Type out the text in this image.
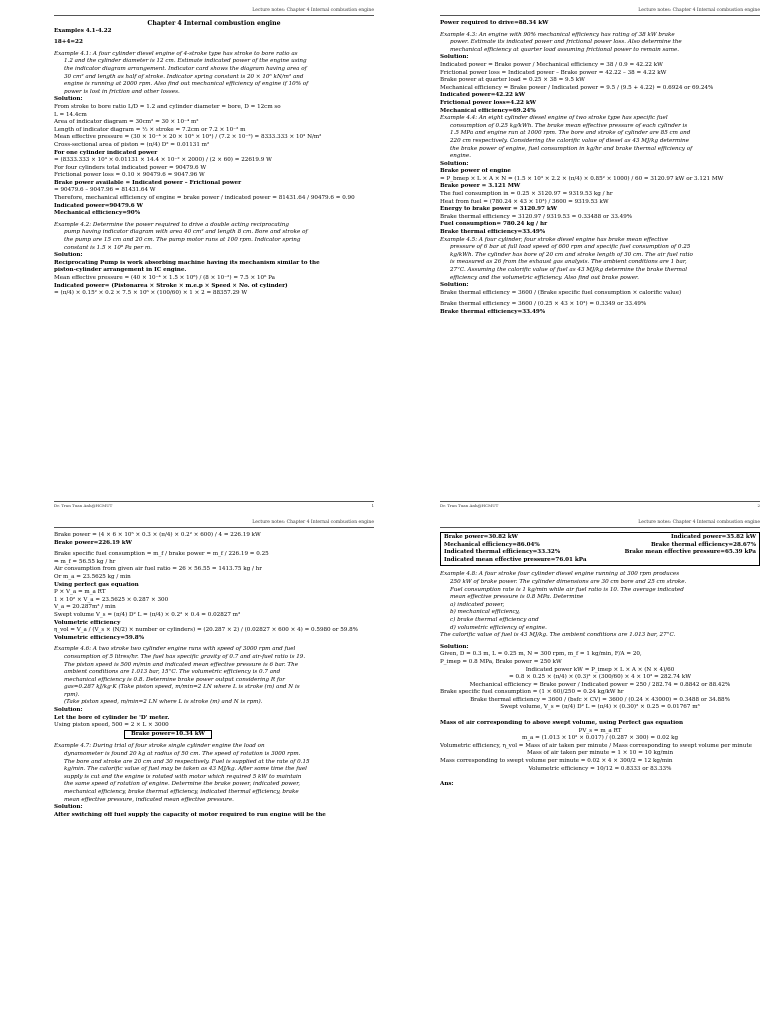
Lecture notes: Chapter 4 Internal combustion engine
Chapter 4 Internal combustion engine
Examples 4.1-4.22
18+4=22
Example 4.1: A four cylinder diesel engine of 4-stroke type has stroke to bore ratio as
1.2 and the cylinder diameter is 12 cm. Estimate indicated power of the engine using
the indicator diagram arrangement. Indicator card shows the diagram having area of
30 cm² and length as half of stroke. Indicator spring constant is 20 × 10⁶ kN/m² and
engine is running at 2000 rpm. Also find out mechanical efficiency of engine if 10% of
power is lost in friction and other losses.
Solution:
From stroke to bore ratio L/D = 1.2 and cylinder diameter = bore, D = 12cm so
L = 14.4cm
Area of indicator diagram = 30cm² = 30 × 10⁻⁴ m²
Length of indicator diagram = ½ × stroke = 7.2cm or 7.2 × 10⁻² m
Mean effective pressure = (30 × 10⁻⁴ × 20 × 10³ × 10³) / (7.2 × 10⁻²) = 8333.333 × 10³ N/m²
Cross-sectional area of piston = (π/4) D² = 0.01131 m²
For one cylinder indicated power
= (8333.333 × 10³ × 0.01131 × 14.4 × 10⁻² × 2000) / (2 × 60) = 22619.9 W
For four cylinders total indicated power = 90479.6 W
Frictional power loss = 0.10 × 90479.6 = 9047.96 W
Brake power available = Indicated power – Frictional power
= 90479.6 – 9047.96 = 81431.64 W
Therefore, mechanical efficiency of engine = brake power / indicated power = 81431.64 / 90479.6 = 0.90
Indicated power=90479.6 W
Mechanical efficiency=90%
Example 4.2: Determine the power required to drive a double acting reciprocating
pump having indicator diagram with area 40 cm² and length 8 cm. Bore and stroke of
the pump are 15 cm and 20 cm. The pump motor runs at 100 rpm. Indicator spring
constant is 1.5 × 10⁸ Pa per m.
Solution:
Reciprocating Pump is work absorbing machine having its mechanism similar to the
piston-cylinder arrangement in IC engine.
Mean effective pressure = (40 × 10⁻⁴ × 1.5 × 10⁸) / (8 × 10⁻²) = 7.5 × 10⁶ Pa
Indicated power= (Pistonarea × Stroke × m.e.p × Speed × No. of cylinder)
= (π/4) × 0.15² × 0.2 × 7.5 × 10⁶ × (100/60) × 1 × 2 = 88357.29 W
Dr. Tran Tuan Anh@HCMUT	1
Lecture notes: Chapter 4 Internal combustion engine
Power required to drive=88.34 kW
Example 4.3: An engine with 90% mechanical efficiency has rating of 38 kW brake
power. Estimate its indicated power and frictional power loss. Also determine the
mechanical efficiency at quarter load assuming frictional power to remain same.
Solution:
Indicated power = Brake power / Mechanical efficiency = 38 / 0.9 = 42.22 kW
Frictional power loss = Indicated power – Brake power = 42.22 – 38 = 4.22 kW
Brake power at quarter load = 0.25 × 38 = 9.5 kW
Mechanical efficiency = Brake power / Indicated power = 9.5 / (9.5 + 4.22) = 0.6924 or 69.24%
Indicated power=42.22 kW
Frictional power loss=4.22 kW
Mechanical efficiency=69.24%
Example 4.4: An eight cylinder diesel engine of two stroke type has specific fuel
consumption of 0.25 kg/kWh. The brake mean effective pressure of each cylinder is
1.5 MPa and engine run at 1000 rpm. The bore and stroke of cylinder are 85 cm and
220 cm respectively. Considering the calorific value of diesel as 43 MJ/kg determine
the brake power of engine, fuel consumption in kg/hr and brake thermal efficiency of
engine.
Solution:
Brake power of engine
= P_bmep × L × A × N = (1.5 × 10³ × 2.2 × (π/4) × 0.85² × 1000) / 60 = 3120.97 kW or 3.121 MW
Brake power = 3.121 MW
The fuel consumption in = 0.25 × 3120.97 = 9319.53 kg / hr
Heat from fuel = (780.24 × 43 × 10³) / 3600 = 9319.53 kW
Energy to brake power = 3120.97 kW
Brake thermal efficiency = 3120.97 / 9319.53 = 0.33488 or 33.49%
Fuel consumption= 780.24 kg / hr
Brake thermal efficiency=33.49%
Example 4.5: A four cylinder, four stroke diesel engine has brake mean effective
pressure of 6 bar at full load speed of 600 rpm and specific fuel consumption of 0.25
kg/kWh. The cylinder has bore of 20 cm and stroke length of 30 cm. The air fuel ratio
is measured as 26 from the exhaust gas analysis. The ambient conditions are 1 bar,
27°C. Assuming the calorific value of fuel as 43 MJ/kg determine the brake thermal
efficiency and the volumetric efficiency. Also find out brake power.
Solution:
Brake thermal efficiency = 3600 / (Brake specific fuel consumption × calorific value)
Brake thermal efficiency = 3600 / (0.25 × 43 × 10³) = 0.3349 or 33.49%
Brake thermal efficiency=33.49%
Dr. Tran Tuan Anh@HCMUT	2
Lecture notes: Chapter 4 Internal combustion engine
Brake power = (4 × 6 × 10⁵ × 0.3 × (π/4) × 0.2² × 600) / 4 = 226.19 kW
Brake power=226.19 kW
Brake specific fuel consumption = m_f / brake power = m_f / 226.19 = 0.25
⇒ m_f = 56.55 kg / hr
Air consumption from given air fuel ratio = 26 × 56.55 = 1413.75 kg / hr
Or m_a = 23.5625 kg / min
Using perfect gas equation
P × V_a = m_a RT
1 × 10² × V_a = 23.5625 × 0.287 × 300
V_a = 20.287m³ / min
Swept volume V_s = (π/4) D² L = (π/4) × 0.2² × 0.4 = 0.02827 m³
Volumetric efficiency
η_vol = V_a / (V_s × (N/2) × number or cylinders) = (20.287 × 2) / (0.02827 × 600 × 4) = 0.5980 or 59.8%
Volumetric efficiency=59.8%
Example 4.6: A two stroke two cylinder engine runs with speed of 3000 rpm and fuel
consumption of 5 litres/hr. The fuel has specific gravity of 0.7 and air-fuel ratio is 19.
The piston speed is 500 m/min and indicated mean effective pressure is 6 bar. The
ambient conditions are 1.013 bar, 15°C. The volumetric efficiency is 0.7 and
mechanical efficiency is 0.8. Determine brake power output considering R for
gas=0.287 kJ/kg·K (Take piston speed, m/min=2 LN where L is stroke (m) and N is
rpm).
(Take piston speed, m/min=2 LN where L is stroke (m) and N is rpm).
Solution:
Let the bore of cylinder be 'D' meter.
Using piston speed, 500 = 2 × L × 3000
Brake power=10.34 kW
Example 4.7: During trial of four stroke single cylinder engine the load on
dynamometer is found 20 kg at radius of 50 cm. The speed of rotation is 3000 rpm.
The bore and stroke are 20 cm and 30 respectively. Fuel is supplied at the rate of 0.15
kg/min. The calorific value of fuel may be taken as 43 MJ/kg. After some time the fuel
supply is cut and the engine is rotated with motor which required 5 kW to maintain
the same speed of rotation of engine. Determine the brake power, indicated power,
mechanical efficiency, brake thermal efficiency, indicated thermal efficiency, brake
mean effective pressure, indicated mean effective pressure.
Solution:
After switching off fuel supply the capacity of motor required to run engine will be the
Lecture notes: Chapter 4 Internal combustion engine
Brake power=30.82 kW	Indicated power=35.82 kW
Mechanical efficiency=86.04%	Brake thermal efficiency=28.67%
Indicated thermal efficiency=33.32%	Brake mean effective pressure=65.39 kPa
Indicated mean effective pressure=76.01 kPa
Example 4.8: A four stroke four cylinder diesel engine running at 300 rpm produces
250 kW of brake power. The cylinder dimensions are 30 cm bore and 25 cm stroke.
Fuel consumption rate is 1 kg/min while air fuel ratio is 10. The average indicated
mean effective pressure is 0.8 MPa. Determine
a) indicated power,
b) mechanical efficiency,
c) brake thermal efficiency and
d) volumetric efficiency of engine.
The calorific value of fuel is 43 MJ/kg. The ambient conditions are 1.013 bar, 27°C.
Solution:
Given, D = 0.3 m, L = 0.25 m, N = 300 rpm, m_f = 1 kg/min, F/A = 20,
P̄_imep = 0.8 MPa, Brake power = 250 kW
Indicated power kW = P_imep × L × A × (N × 4)/60
= 0.8 × 0.25 × (π/4) × (0.3)² × (300/60) × 4 × 10³ = 282.74 kW
Mechanical efficiency = Brake power / Indicated power = 250 / 282.74 = 0.8842 or 88.42%
Brake specific fuel consumption = (1 × 60)/250 = 0.24 kg/kW hr
Brake thermal efficiency = 3600 / (bsfc × CV) = 3600 / (0.24 × 43000) = 0.3488 or 34.88%
Swept volume, V_s = (π/4) D² L = (π/4) × (0.30)² × 0.25 = 0.01767 m³
Mass of air corresponding to above swept volume, using Perfect gas equation
PV_s = m_a RT
m_a = (1.013 × 10² × 0.017) / (0.287 × 300) = 0.02 kg
Volumetric efficiency, η_vol = Mass of air taken per minute / Mass corresponding to swept volume per minute
Mass of air taken per minute = 1 × 10 = 10 kg/min
Mass corresponding to swept volume per minute = 0.02 × 4 × 300/2 = 12 kg/min
Volumetric efficiency = 10/12 = 0.8333 or 83.33%
Ans:
